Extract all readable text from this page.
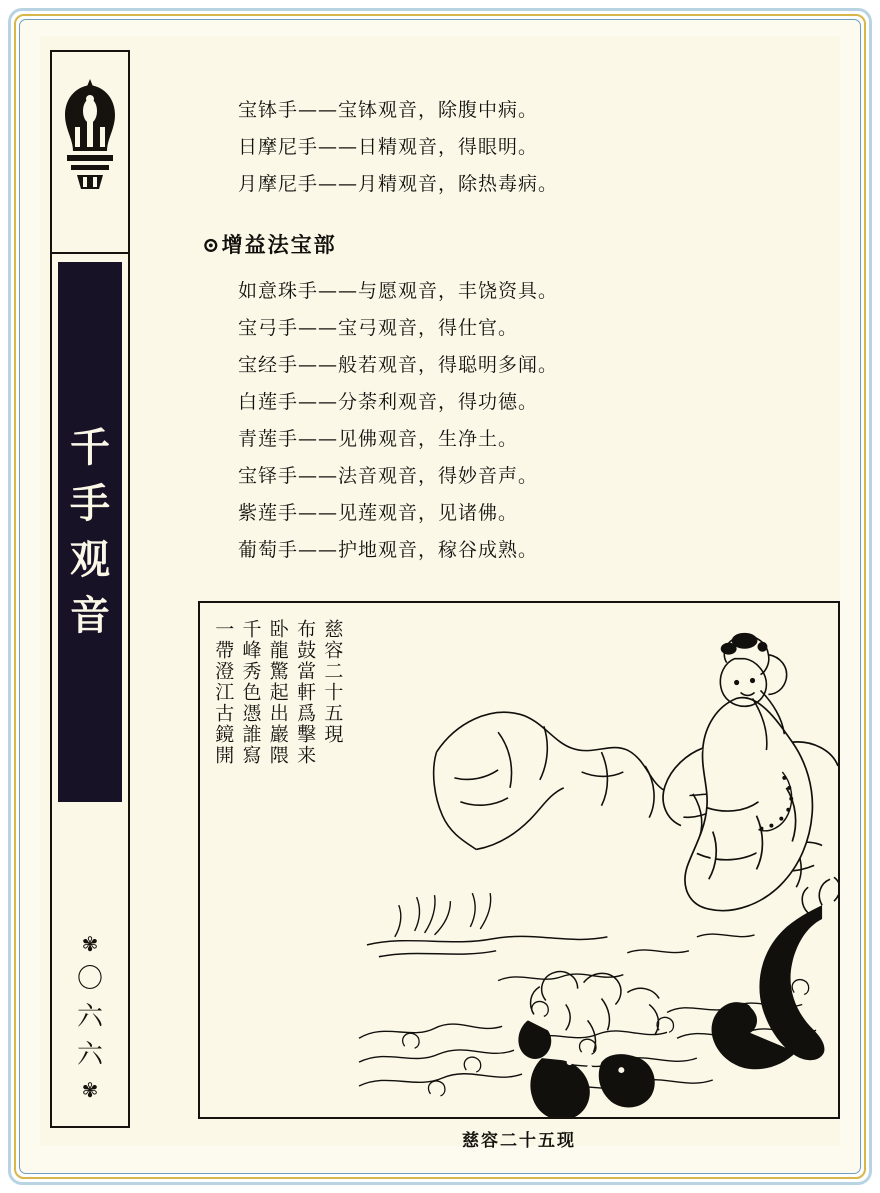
千
手
观
音
✾
〇
六
六
✾
宝钵手——宝钵观音，除腹中病。
日摩尼手——日精观音，得眼明。
月摩尼手——月精观音，除热毒病。
⊙增益法宝部
如意珠手——与愿观音，丰饶资具。
宝弓手——宝弓观音，得仕官。
宝经手——般若观音，得聪明多闻。
白莲手——分荼利观音，得功德。
青莲手——见佛观音，生净土。
宝铎手——法音观音，得妙音声。
紫莲手——见莲观音，见诸佛。
葡萄手——护地观音，稼谷成熟。
慈容二十五現
布鼓當軒爲擊来
卧龍驚起出巖隈
千峰秀色憑誰寫
一帶澄江古鏡開
慈容二十五现
